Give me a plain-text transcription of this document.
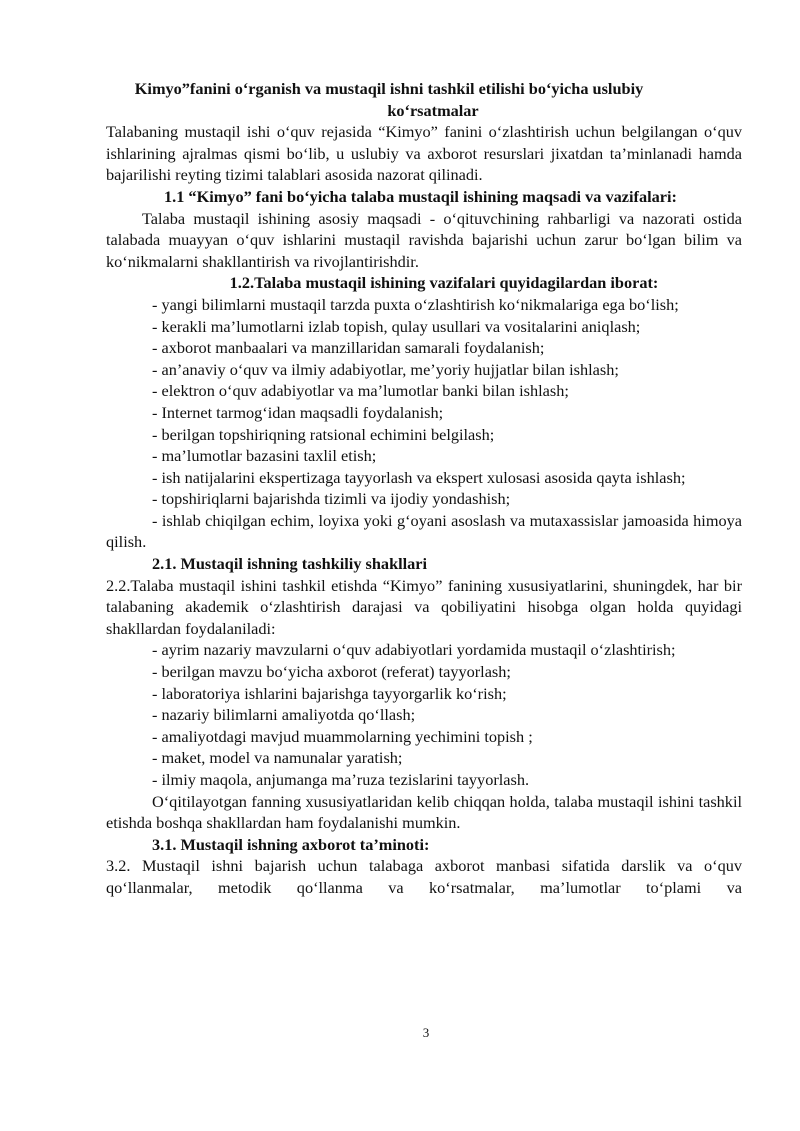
Kimyo”fanini o‘rganish va mustaqil ishni tashkil etilishi bo‘yicha uslubiy
ko‘rsatmalar

Talabaning mustaqil ishi o‘quv rejasida “Kimyo” fanini o‘zlashtirish uchun belgilangan o‘quv ishlarining ajralmas qismi bo‘lib, u uslubiy va axborot resurslari jixatdan ta’minlanadi hamda bajarilishi reyting tizimi talablari asosida nazorat qilinadi.

1.1 “Kimyo” fani bo‘yicha talaba mustaqil ishining maqsadi va vazifalari:

Talaba mustaqil ishining asosiy maqsadi - o‘qituvchining rahbarligi va nazorati ostida talabada muayyan o‘quv ishlarini mustaqil ravishda bajarishi uchun zarur bo‘lgan bilim va ko‘nikmalarni shakllantirish va rivojlantirishdir.

1.2.Talaba mustaqil ishining vazifalari quyidagilardan iborat:

- yangi bilimlarni mustaqil tarzda puxta o‘zlashtirish ko‘nikmalariga ega bo‘lish;

- kerakli ma’lumotlarni izlab topish, qulay usullari va vositalarini aniqlash;

- axborot manbaalari va manzillaridan samarali foydalanish;

- an’anaviy o‘quv va ilmiy adabiyotlar, me’yoriy hujjatlar bilan ishlash;

- elektron o‘quv adabiyotlar va ma’lumotlar banki bilan ishlash;

- Internet tarmog‘idan maqsadli foydalanish;

- berilgan topshiriqning ratsional echimini belgilash;

- ma’lumotlar bazasini taxlil etish;

- ish natijalarini ekspertizaga tayyorlash va ekspert xulosasi asosida qayta ishlash;

- topshiriqlarni bajarishda tizimli va ijodiy yondashish;

- ishlab chiqilgan echim, loyixa yoki g‘oyani asoslash va mutaxassislar jamoasida himoya qilish.

2.1. Mustaqil ishning tashkiliy shakllari

2.2.Talaba mustaqil ishini tashkil etishda “Kimyo” fanining xususiyatlarini, shuningdek, har bir talabaning akademik o‘zlashtirish darajasi va qobiliyatini hisobga olgan holda quyidagi shakllardan foydalaniladi:

- ayrim nazariy mavzularni o‘quv adabiyotlari yordamida mustaqil o‘zlashtirish;

- berilgan mavzu bo‘yicha axborot (referat) tayyorlash;

- laboratoriya ishlarini bajarishga tayyorgarlik ko‘rish;

- nazariy bilimlarni amaliyotda qo‘llash;

- amaliyotdagi mavjud muammolarning yechimini topish ;

- maket, model va namunalar yaratish;

- ilmiy maqola, anjumanga ma’ruza tezislarini tayyorlash.

O‘qitilayotgan fanning xususiyatlaridan kelib chiqqan holda, talaba mustaqil ishini tashkil etishda boshqa shakllardan ham foydalanishi mumkin.

3.1. Mustaqil ishning axborot ta’minoti:

3.2. Mustaqil ishni bajarish uchun talabaga axborot manbasi sifatida darslik va o‘quv qo‘llanmalar, metodik qo‘llanma va ko‘rsatmalar, ma’lumotlar to‘plami va

3
